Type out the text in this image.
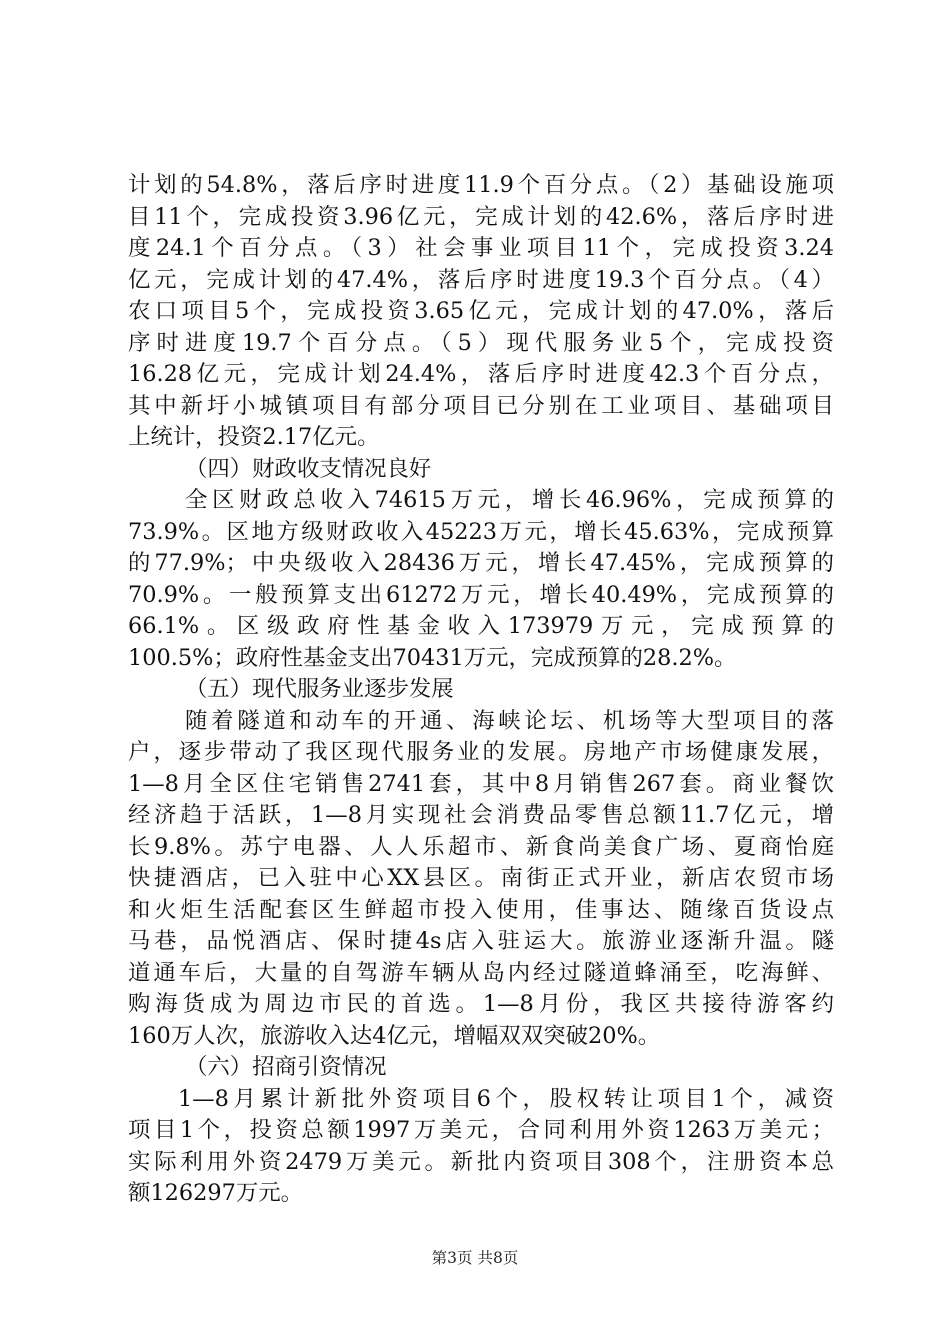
计划的54.8%，落后序时进度11.9个百分点。（2）基础设施项
目11个，完成投资3.96亿元，完成计划的42.6%，落后序时进
度24.1个百分点。（3）社会事业项目11个，完成投资3.24
亿元，完成计划的47.4%，落后序时进度19.3个百分点。（4）
农口项目5个，完成投资3.65亿元，完成计划的47.0%，落后
序时进度19.7个百分点。（5）现代服务业5个，完成投资
16.28亿元，完成计划24.4%，落后序时进度42.3个百分点，
其中新圩小城镇项目有部分项目已分别在工业项目、基础项目
上统计，投资2.17亿元。
（四）财政收支情况良好
全区财政总收入74615万元，增长46.96%，完成预算的
73.9%。区地方级财政收入45223万元，增长45.63%，完成预算
的77.9%；中央级收入28436万元，增长47.45%，完成预算的
70.9%。一般预算支出61272万元，增长40.49%，完成预算的
66.1%。区级政府性基金收入173979万元，完成预算的
100.5%；政府性基金支出70431万元，完成预算的28.2%。
（五）现代服务业逐步发展
随着隧道和动车的开通、海峡论坛、机场等大型项目的落
户，逐步带动了我区现代服务业的发展。房地产市场健康发展，
1—8月全区住宅销售2741套，其中8月销售267套。商业餐饮
经济趋于活跃，1—8月实现社会消费品零售总额11.7亿元，增
长9.8%。苏宁电器、人人乐超市、新食尚美食广场、夏商怡庭
快捷酒店，已入驻中心XX县区。南街正式开业，新店农贸市场
和火炬生活配套区生鲜超市投入使用，佳事达、随缘百货设点
马巷，品悦酒店、保时捷4s店入驻运大。旅游业逐渐升温。隧
道通车后，大量的自驾游车辆从岛内经过隧道蜂涌至，吃海鲜、
购海货成为周边市民的首选。1—8月份，我区共接待游客约
160万人次，旅游收入达4亿元，增幅双双突破20%。
（六）招商引资情况
1—8月累计新批外资项目6个，股权转让项目1个，减资
项目1个，投资总额1997万美元，合同利用外资1263万美元；
实际利用外资2479万美元。新批内资项目308个，注册资本总
额126297万元。
第3页 共8页
